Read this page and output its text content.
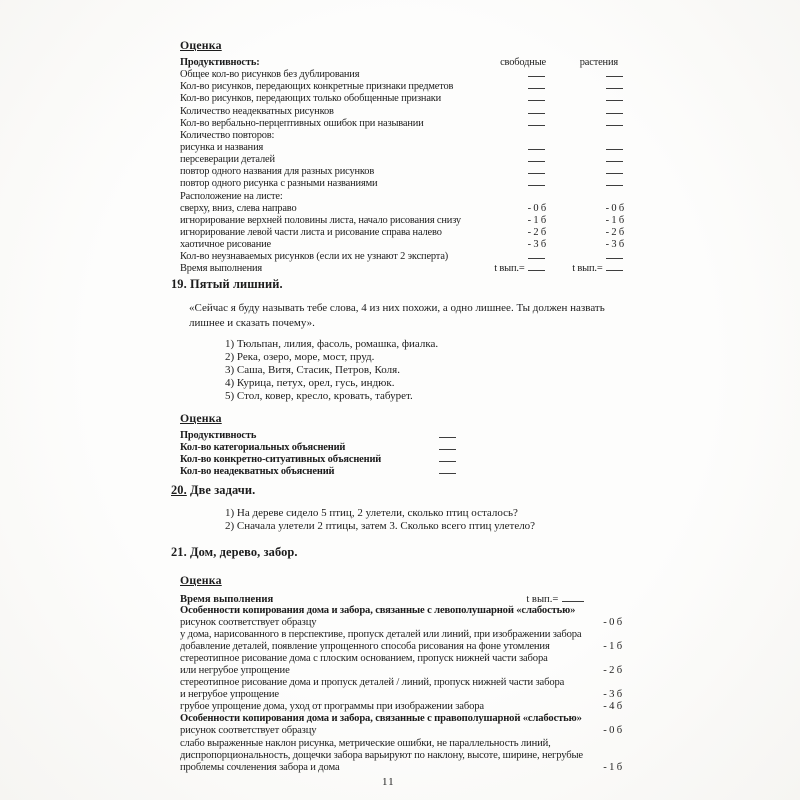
Оценка
Продуктивность:	свободные	растения
Общее кол-во рисунков без дублирования
Кол-во рисунков, передающих конкретные признаки предметов
Кол-во рисунков, передающих только обобщенные признаки
Количество неадекватных рисунков
Кол-во вербально-перцептивных ошибок при назывании
Количество повторов:
рисунка и названия
персеверации деталей
повтор одного названия для разных рисунков
повтор одного рисунка с разными названиями
Расположение на листе:
сверху, вниз, слева направо	- 0 б	- 0 б
игнорирование верхней половины листа, начало рисования снизу	- 1 б	- 1 б
игнорирование левой части листа и рисование справа налево	- 2 б	- 2 б
хаотичное рисование	- 3 б	- 3 б
Кол-во неузнаваемых рисунков (если их не узнают 2 эксперта)
Время выполнения	t вып.=	t вып.=
19. Пятый лишний.
«Сейчас я буду называть тебе слова, 4 из них похожи, а одно лишнее. Ты должен назвать лишнее и сказать почему».
1) Тюльпан, лилия, фасоль, ромашка, фиалка.
2) Река, озеро, море, мост, пруд.
3) Саша, Витя, Стасик, Петров, Коля.
4) Курица, петух, орел, гусь, индюк.
5) Стол, ковер, кресло, кровать, табурет.
Оценка
Продуктивность
Кол-во категориальных объяснений
Кол-во конкретно-ситуативных объяснений
Кол-во неадекватных объяснений
20. Две задачи.
1) На дереве сидело 5 птиц, 2 улетели, сколько птиц осталось?
2) Сначала улетели 2 птицы, затем 3. Сколько всего птиц улетело?
21. Дом, дерево, забор.
Оценка
Время выполнения	t вып.=
Особенности копирования дома и забора, связанные с левополушарной «слабостью»
рисунок соответствует образцу	- 0 б
у дома, нарисованного в перспективе, пропуск деталей или линий, при изображении забора
добавление деталей, появление упрощенного способа рисования на фоне утомления	- 1 б
стереотипное рисование дома с плоским основанием, пропуск нижней части забора
или негрубое упрощение	- 2 б
стереотипное рисование дома и пропуск деталей / линий, пропуск нижней части забора
и негрубое упрощение	- 3 б
грубое упрощение дома, уход от программы при изображении забора	- 4 б
Особенности копирования дома и забора, связанные с правополушарной «слабостью»
рисунок соответствует образцу	- 0 б
слабо выраженные наклон рисунка, метрические ошибки, не параллельность линий,
диспропорциональность, дощечки забора варьируют по наклону, высоте, ширине, негрубые
проблемы сочленения забора и дома	- 1 б
11
